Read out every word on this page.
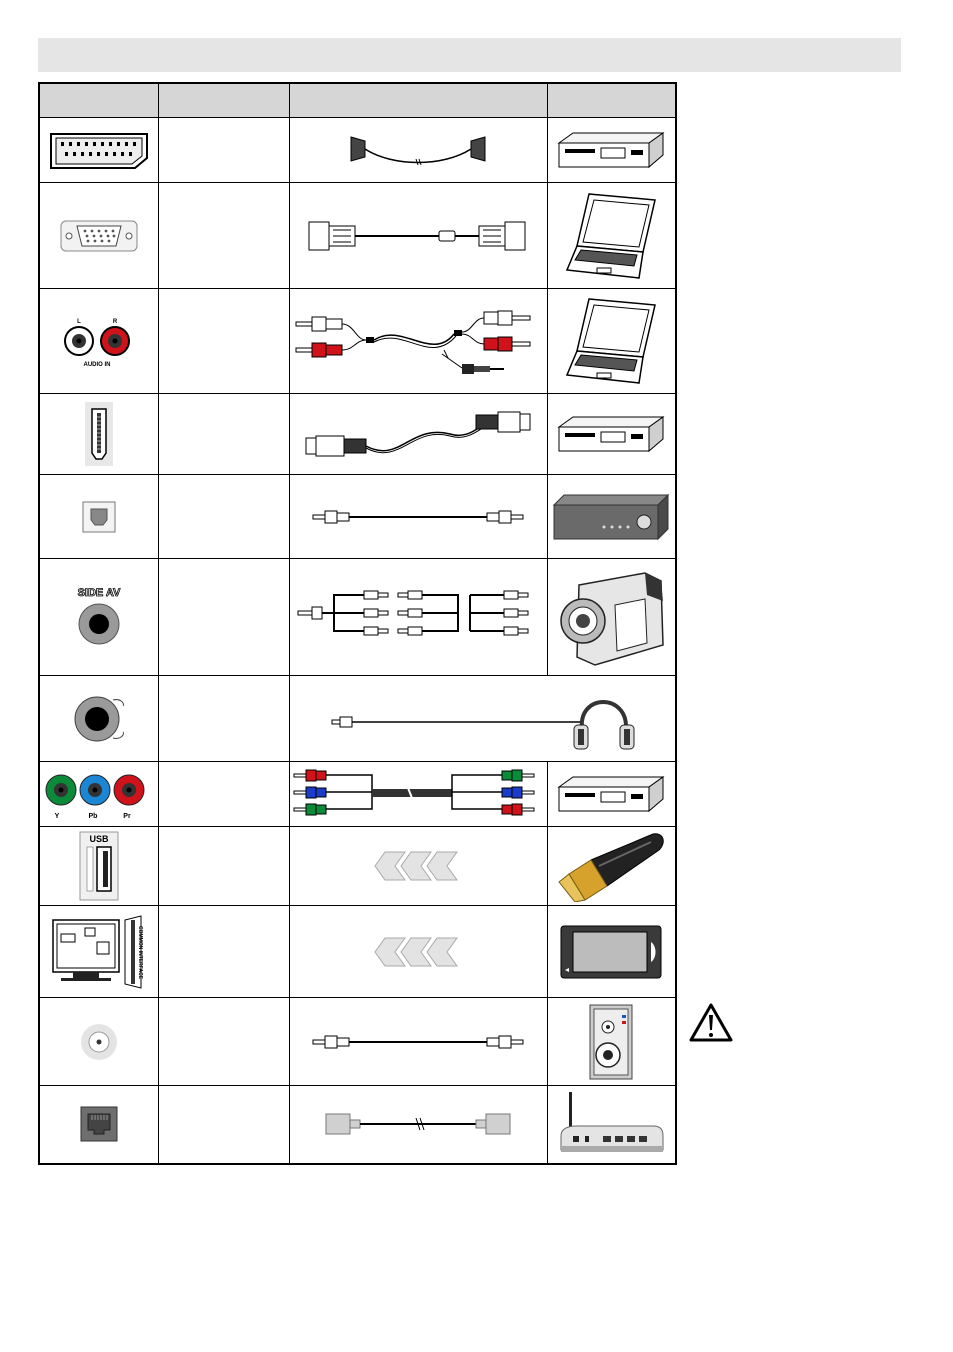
L R
AUDIO IN

SIDE AV

Y Pb Pr

USB

COMMON INTERFACE
